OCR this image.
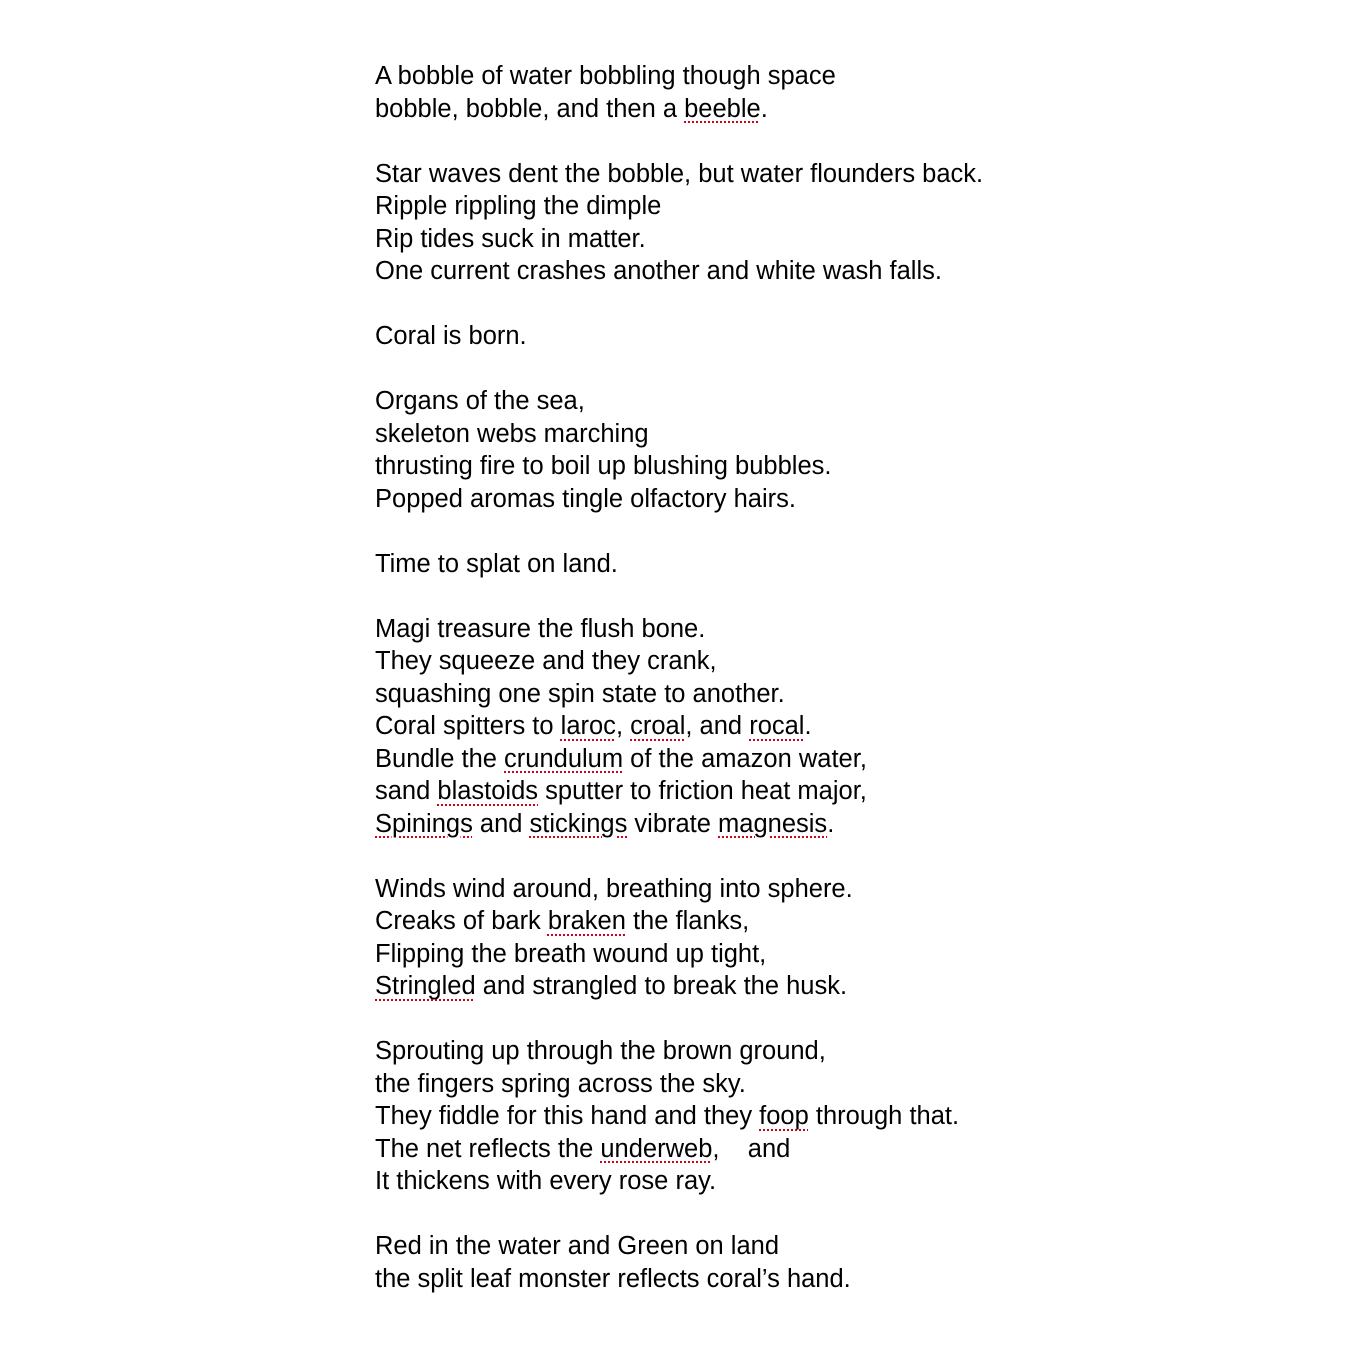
A bobble of water bobbling though space
bobble, bobble, and then a beeble.
Star waves dent the bobble, but water flounders back.
Ripple rippling the dimple
Rip tides suck in matter.
One current crashes another and white wash falls.
Coral is born.
Organs of the sea,
skeleton webs marching
thrusting fire to boil up blushing bubbles.
Popped aromas tingle olfactory hairs.
Time to splat on land.
Magi treasure the flush bone.
They squeeze and they crank,
squashing one spin state to another.
Coral spitters to laroc, croal, and rocal.
Bundle the crundulum of the amazon water,
sand blastoids sputter to friction heat major,
Spinings and stickings vibrate magnesis.
Winds wind around, breathing into sphere.
Creaks of bark braken the flanks,
Flipping the breath wound up tight,
Stringled and strangled to break the husk.
Sprouting up through the brown ground,
the fingers spring across the sky.
They fiddle for this hand and they foop through that.
The net reflects the underweb,    and
It thickens with every rose ray.
Red in the water and Green on land
the split leaf monster reflects coral’s hand.
